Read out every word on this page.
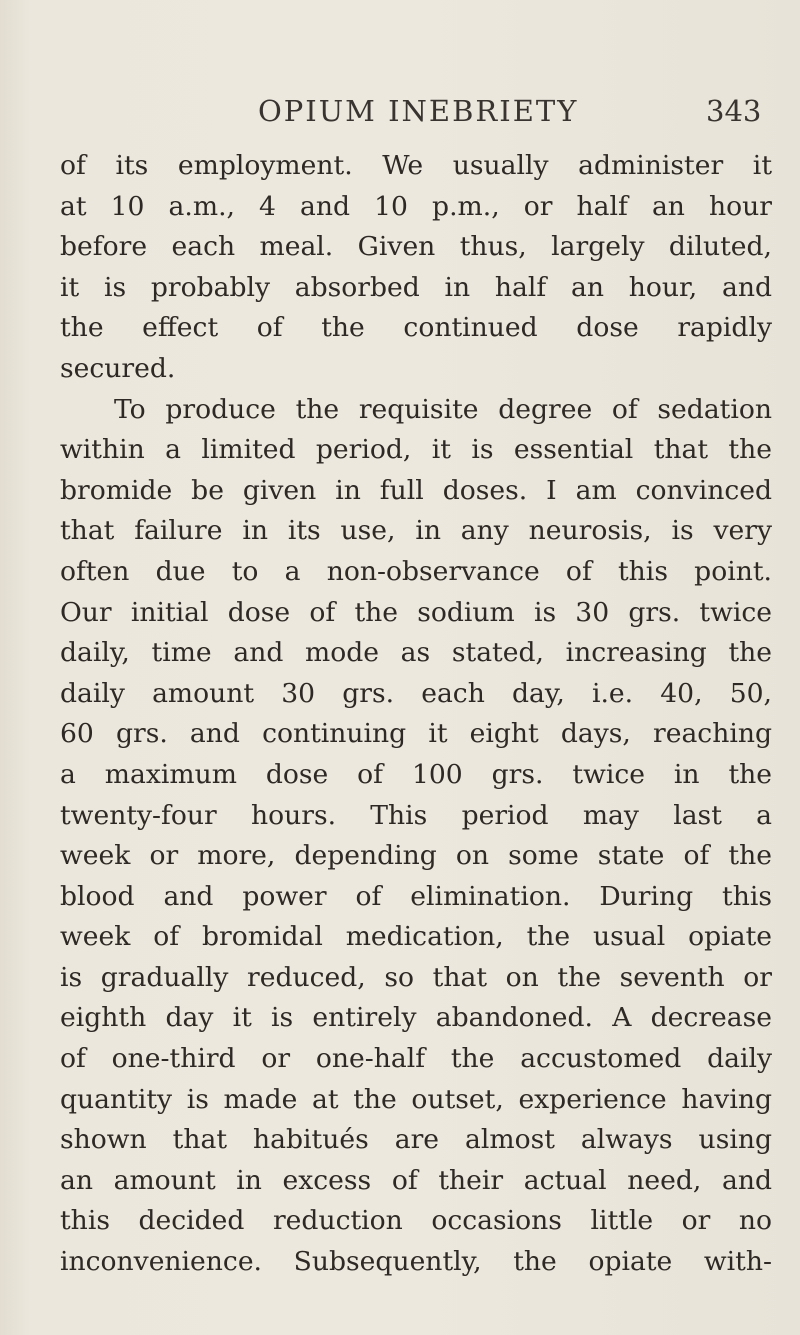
OPIUM INEBRIETY	343
of its employment. We usually administer it
at 10 a.m., 4 and 10 p.m., or half an hour
before each meal. Given thus, largely diluted,
it is probably absorbed in half an hour, and
the effect of the continued dose rapidly
secured.
To produce the requisite degree of sedation
within a limited period, it is essential that the
bromide be given in full doses. I am convinced
that failure in its use, in any neurosis, is very
often due to a non-observance of this point.
Our initial dose of the sodium is 30 grs. twice
daily, time and mode as stated, increasing the
daily amount 30 grs. each day, i.e. 40, 50,
60 grs. and continuing it eight days, reaching
a maximum dose of 100 grs. twice in the
twenty-four hours. This period may last a
week or more, depending on some state of the
blood and power of elimination. During this
week of bromidal medication, the usual opiate
is gradually reduced, so that on the seventh or
eighth day it is entirely abandoned. A decrease
of one-third or one-half the accustomed daily
quantity is made at the outset, experience having
shown that habitués are almost always using
an amount in excess of their actual need, and
this decided reduction occasions little or no
inconvenience. Subsequently, the opiate with-
